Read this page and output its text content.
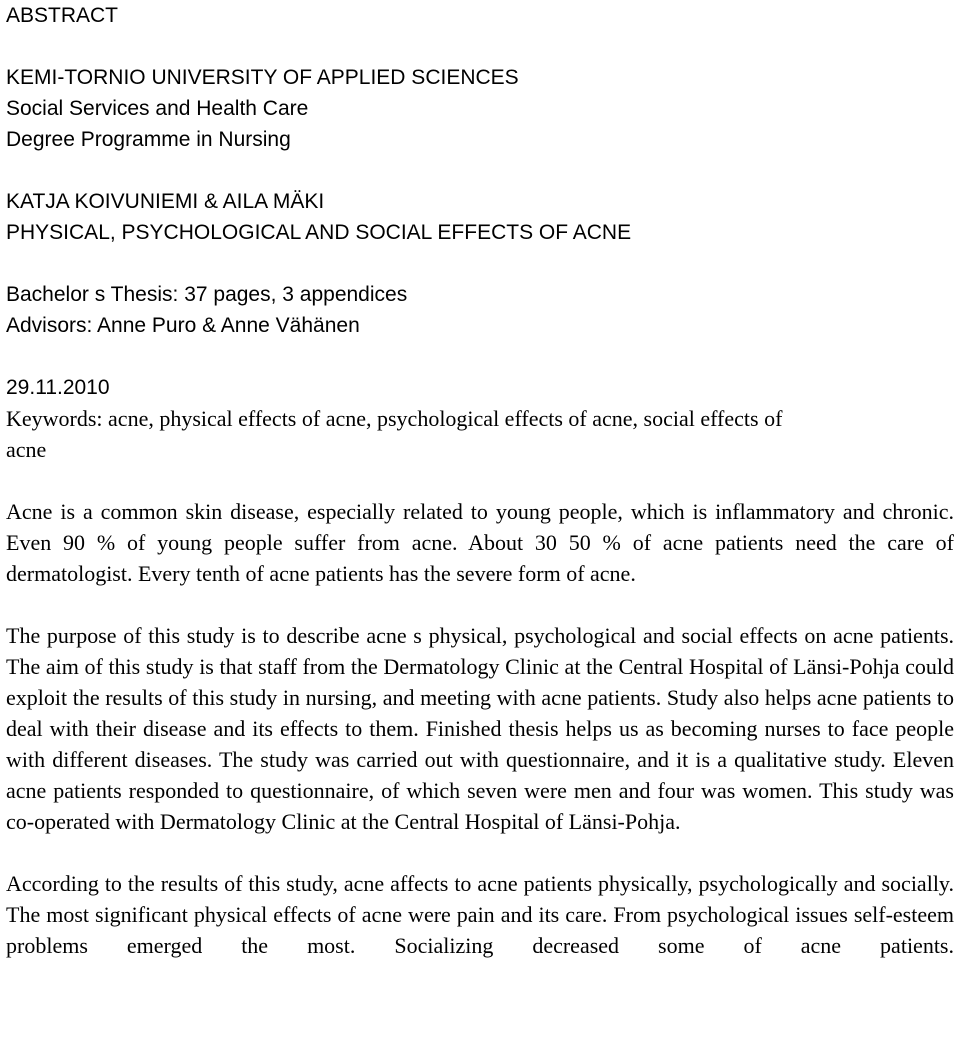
ABSTRACT
KEMI-TORNIO UNIVERSITY OF APPLIED SCIENCES
Social Services and Health Care
Degree Programme in Nursing
KATJA KOIVUNIEMI & AILA MÄKI
PHYSICAL, PSYCHOLOGICAL AND SOCIAL EFFECTS OF ACNE
Bachelor s Thesis: 37 pages, 3 appendices
Advisors: Anne Puro & Anne Vähänen
29.11.2010
Keywords: acne, physical effects of acne, psychological effects of acne, social effects of
acne

Acne is a common skin disease, especially related to young people, which is inflammatory and chronic. Even 90 % of young people suffer from acne. About 30 50 % of acne patients need the care of dermatologist. Every tenth of acne patients has the severe form of acne.

The purpose of this study is to describe acne s physical, psychological and social effects on acne patients. The aim of this study is that staff from the Dermatology Clinic at the Central Hospital of Länsi-Pohja could exploit the results of this study in nursing, and meeting with acne patients. Study also helps acne patients to deal with their disease and its effects to them. Finished thesis helps us as becoming nurses to face people with different diseases. The study was carried out with questionnaire, and it is a qualitative study. Eleven acne patients responded to questionnaire, of which seven were men and four was women. This study was co-operated with Dermatology Clinic at the Central Hospital of Länsi-Pohja.

According to the results of this study, acne affects to acne patients physically, psychologically and socially. The most significant physical effects of acne were pain and its care. From psychological issues self-esteem problems emerged the most. Socializing decreased some of acne patients.
